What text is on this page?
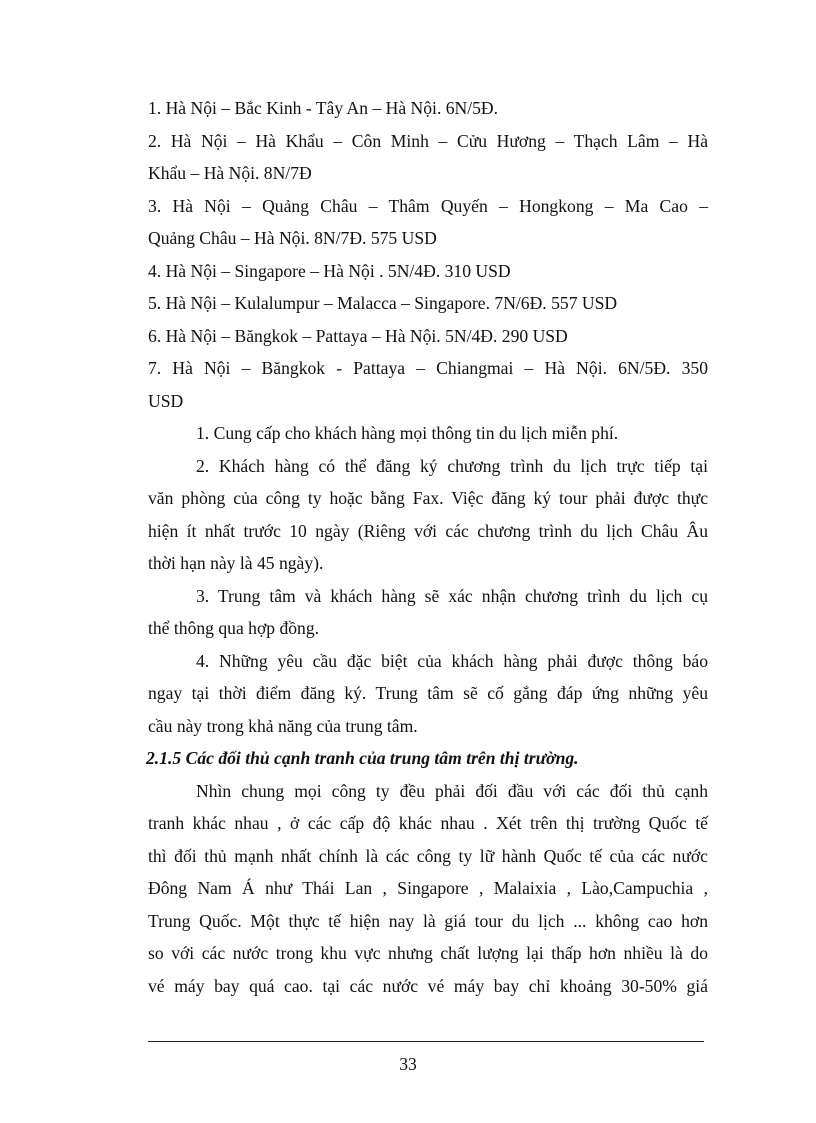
1. Hà Nội – Bắc Kinh - Tây An – Hà Nội. 6N/5Đ.
2. Hà Nội – Hà Khẩu – Côn Minh – Cửu Hương – Thạch Lâm – Hà
Khẩu – Hà Nội. 8N/7Đ
3. Hà Nội – Quảng Châu – Thâm Quyến – Hongkong – Ma Cao –
Quảng Châu – Hà Nội. 8N/7Đ. 575 USD
4. Hà Nội – Singapore – Hà Nội . 5N/4Đ. 310 USD
5. Hà Nội – Kulalumpur – Malacca – Singapore. 7N/6Đ. 557 USD
6. Hà Nội – Băngkok – Pattaya – Hà Nội. 5N/4Đ. 290 USD
7. Hà Nội – Băngkok - Pattaya – Chiangmai – Hà Nội. 6N/5Đ. 350
USD
1. Cung cấp cho khách hàng mọi thông tin du lịch miễn phí.
2. Khách hàng có thể đăng ký chương trình du lịch trực tiếp tại
văn phòng của công ty hoặc bằng Fax. Việc đăng ký tour phải được thực
hiện ít nhất trước 10 ngày (Riêng với các chương trình du lịch Châu Âu
thời hạn này là 45 ngày).
3. Trung tâm và khách hàng sẽ xác nhận chương trình du lịch cụ
thể thông qua hợp đồng.
4. Những yêu cầu đặc biệt của khách hàng phải được thông báo
ngay tại thời điểm đăng ký. Trung tâm sẽ cố gắng đáp ứng những yêu
cầu này trong khả năng của trung tâm.
2.1.5 Các đối thủ cạnh tranh của trung tâm trên thị trường.
Nhìn chung mọi công ty đều phải đối đầu với các đối thủ cạnh
tranh khác nhau , ở các cấp độ khác nhau . Xét trên thị trường Quốc tế
thì đối thủ mạnh nhất chính là các công ty lữ hành Quốc tế của các nước
Đông Nam Á như Thái Lan , Singapore , Malaixia , Lào,Campuchia ,
Trung Quốc. Một thực tế hiện nay là giá tour du lịch ... không cao hơn
so với các nước trong khu vực nhưng chất lượng lại thấp hơn nhiều là do
vé máy bay quá cao. tại các nước vé máy bay chỉ khoảng 30-50% giá
33
